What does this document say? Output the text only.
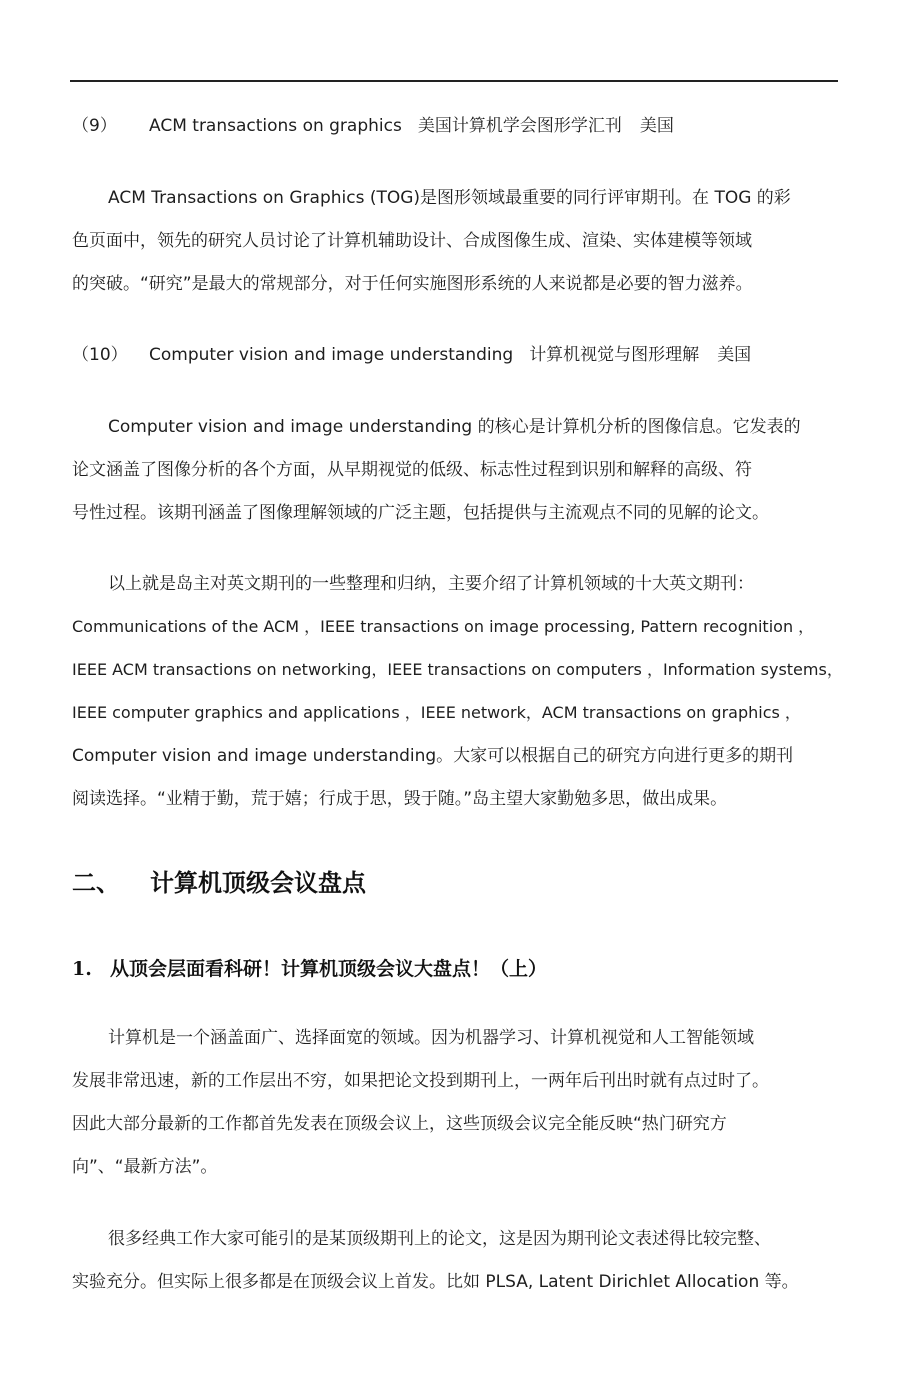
（9） ACM transactions on graphics 美国计算机学会图形学汇刊 美国
ACM Transactions on Graphics (TOG)是图形领域最重要的同行评审期刊。在 TOG 的彩
色页面中，领先的研究人员讨论了计算机辅助设计、合成图像生成、渲染、实体建模等领域
的突破。“研究”是最大的常规部分，对于任何实施图形系统的人来说都是必要的智力滋养。
（10） Computer vision and image understanding 计算机视觉与图形理解 美国
Computer vision and image understanding 的核心是计算机分析的图像信息。它发表的
论文涵盖了图像分析的各个方面，从早期视觉的低级、标志性过程到识别和解释的高级、符
号性过程。该期刊涵盖了图像理解领域的广泛主题，包括提供与主流观点不同的见解的论文。
以上就是岛主对英文期刊的一些整理和归纳，主要介绍了计算机领域的十大英文期刊：
Communications of the ACM ，IEEE transactions on image processing, Pattern recognition ，
IEEE ACM transactions on networking，IEEE transactions on computers ，Information systems，
IEEE computer graphics and applications ，IEEE network，ACM transactions on graphics ，
Computer vision and image understanding。大家可以根据自己的研究方向进行更多的期刊
阅读选择。“业精于勤，荒于嬉；行成于思，毁于随。”岛主望大家勤勉多思，做出成果。
二、 计算机顶级会议盘点
1. 从顶会层面看科研！计算机顶级会议大盘点！（上）
计算机是一个涵盖面广、选择面宽的领域。因为机器学习、计算机视觉和人工智能领域
发展非常迅速，新的工作层出不穷，如果把论文投到期刊上，一两年后刊出时就有点过时了。
因此大部分最新的工作都首先发表在顶级会议上，这些顶级会议完全能反映“热门研究方
向”、“最新方法”。
很多经典工作大家可能引的是某顶级期刊上的论文，这是因为期刊论文表述得比较完整、
实验充分。但实际上很多都是在顶级会议上首发。比如 PLSA, Latent Dirichlet Allocation 等。
